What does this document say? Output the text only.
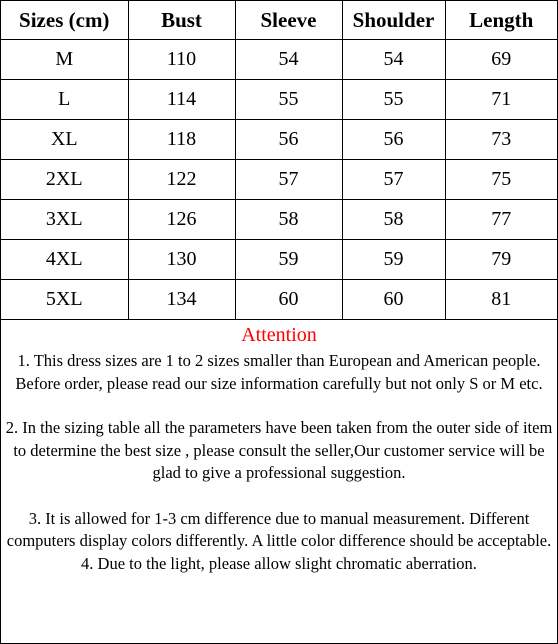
Sizes (cm)	Bust	Sleeve	Shoulder	Length
M	110	54	54	69
L	114	55	55	71
XL	118	56	56	73
2XL	122	57	57	75
3XL	126	58	58	77
4XL	130	59	59	79
5XL	134	60	60	81
Attention

1. This dress sizes are 1 to 2 sizes smaller than European and American people. Before order, please read our size information carefully but not only S or M etc.

2. In the sizing table all the parameters have been taken from the outer side of item to determine the best size , please consult the seller,Our customer service will be glad to give a professional suggestion.

3. It is allowed for 1-3 cm difference due to manual measurement. Different computers display colors differently. A little color difference should be acceptable.

4. Due to the light, please allow slight chromatic aberration.
